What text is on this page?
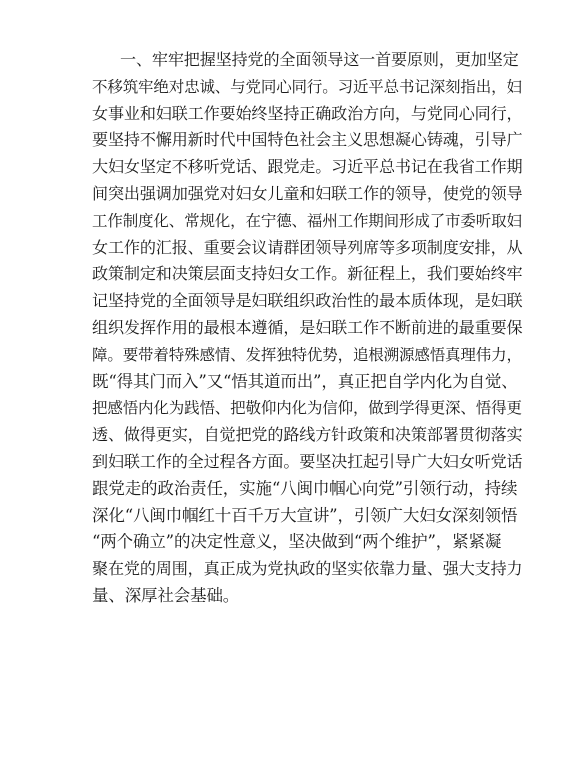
一、牢牢把握坚持党的全面领导这一首要原则，更加坚定
不移筑牢绝对忠诚、与党同心同行。习近平总书记深刻指出，妇
女事业和妇联工作要始终坚持正确政治方向，与党同心同行，
要坚持不懈用新时代中国特色社会主义思想凝心铸魂，引导广
大妇女坚定不移听党话、跟党走。习近平总书记在我省工作期
间突出强调加强党对妇女儿童和妇联工作的领导，使党的领导
工作制度化、常规化，在宁德、福州工作期间形成了市委听取妇
女工作的汇报、重要会议请群团领导列席等多项制度安排，从
政策制定和决策层面支持妇女工作。新征程上，我们要始终牢
记坚持党的全面领导是妇联组织政治性的最本质体现，是妇联
组织发挥作用的最根本遵循，是妇联工作不断前进的最重要保
障。要带着特殊感情、发挥独特优势，追根溯源感悟真理伟力，
既“得其门而入”又“悟其道而出”，真正把自学内化为自觉、
把感悟内化为践悟、把敬仰内化为信仰，做到学得更深、悟得更
透、做得更实，自觉把党的路线方针政策和决策部署贯彻落实
到妇联工作的全过程各方面。要坚决扛起引导广大妇女听党话
跟党走的政治责任，实施“八闽巾帼心向党”引领行动，持续
深化“八闽巾帼红十百千万大宣讲”，引领广大妇女深刻领悟
“两个确立”的决定性意义，坚决做到“两个维护”，紧紧凝
聚在党的周围，真正成为党执政的坚实依靠力量、强大支持力
量、深厚社会基础。
